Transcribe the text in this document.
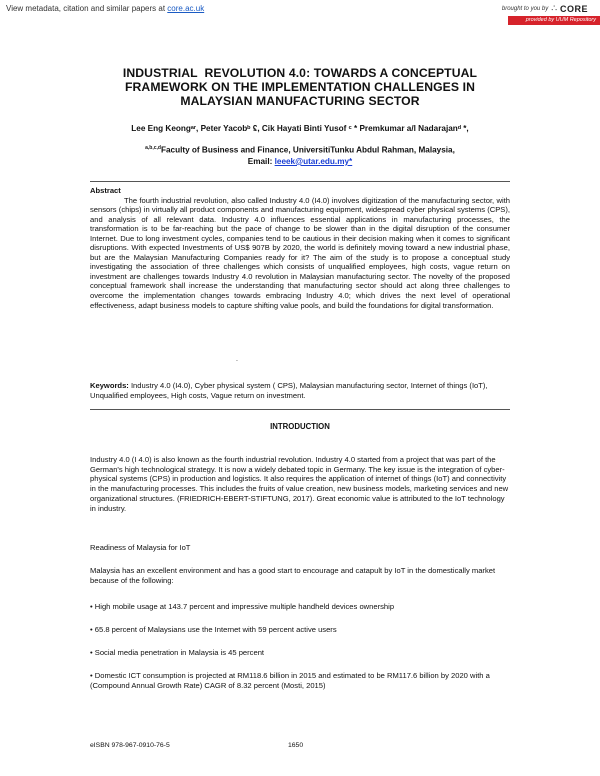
View metadata, citation and similar papers at core.ac.uk	brought to you by ∴ CORE
provided by UUM Repository
INDUSTRIAL  REVOLUTION 4.0: TOWARDS A CONCEPTUAL
FRAMEWORK ON THE IMPLEMENTATION CHALLENGES IN
MALAYSIAN MANUFACTURING SECTOR
Lee Eng Keongᵃʳ, Peter Yacobᵇ ʢ, Cik Hayati Binti Yusof ᶜ * Premkumar a/l Nadarajanᵈ *,
$^{a,b,c,d}$Faculty of Business and Finance, UniversitiTunku Abdul Rahman, Malaysia,
Email: leeek@utar.edu.my*
Abstract
The fourth industrial revolution, also called Industry 4.0 (I4.0) involves digitization of the manufacturing sector, with sensors (chips) in virtually all product components and manufacturing equipment, widespread cyber physical systems (CPS), and analysis of all relevant data. Industry 4.0 influences essential applications in manufacturing processes, the transformation is to be far-reaching but the pace of change to be slower than in the digital disruption of the consumer Internet. Due to long investment cycles, companies tend to be cautious in their decision making when it comes to significant disruptions. With expected Investments of US$ 907B by 2020, the world is definitely moving toward a new industrial phase, but are the Malaysian Manufacturing Companies ready for it? The aim of the study is to propose a conceptual study investigating the association of three challenges which consists of unqualified employees, high costs, vague return on investment are challenges towards Industry 4.0 revolution in Malaysian manufacturing sector. The novelty of the proposed conceptual framework shall increase the understanding that manufacturing sector should act along three challenges to overcome the implementation changes towards embracing Industry 4.0; which drives the next level of operational effectiveness, adapt business models to capture shifting value pools, and build the foundations for digital transformation.
.
Keywords: Industry 4.0 (I4.0), Cyber physical system ( CPS), Malaysian manufacturing sector, Internet of things (IoT), Unqualified employees, High costs, Vague return on investment.
INTRODUCTION
Industry 4.0 (I 4.0) is also known as the fourth industrial revolution. Industry 4.0 started from a project that was part of the German's high technological strategy. It is now a widely debated topic in Germany. The key issue is the integration of cyber-physical systems (CPS) in production and logistics. It also requires the application of internet of things (IoT) and connectivity in the manufacturing processes. This includes the fruits of value creation, new business models, marketing services and new organizational structures. (FRIEDRICH-EBERT-STIFTUNG, 2017). Great economic value is attributed to the IoT technology in industry.
Readiness of Malaysia for IoT
Malaysia has an excellent environment and has a good start to encourage and catapult by IoT in the domestically market because of the following:
• High mobile usage at 143.7 percent and impressive multiple handheld devices ownership
• 65.8 percent of Malaysians use the Internet with 59 percent active users
• Social media penetration in Malaysia is 45 percent
• Domestic ICT consumption is projected at RM118.6 billion in 2015 and estimated to be RM117.6 billion by 2020 with a (Compound Annual Growth Rate) CAGR of 8.32 percent (Mosti, 2015)
eISBN 978-967-0910-76-5	1650
